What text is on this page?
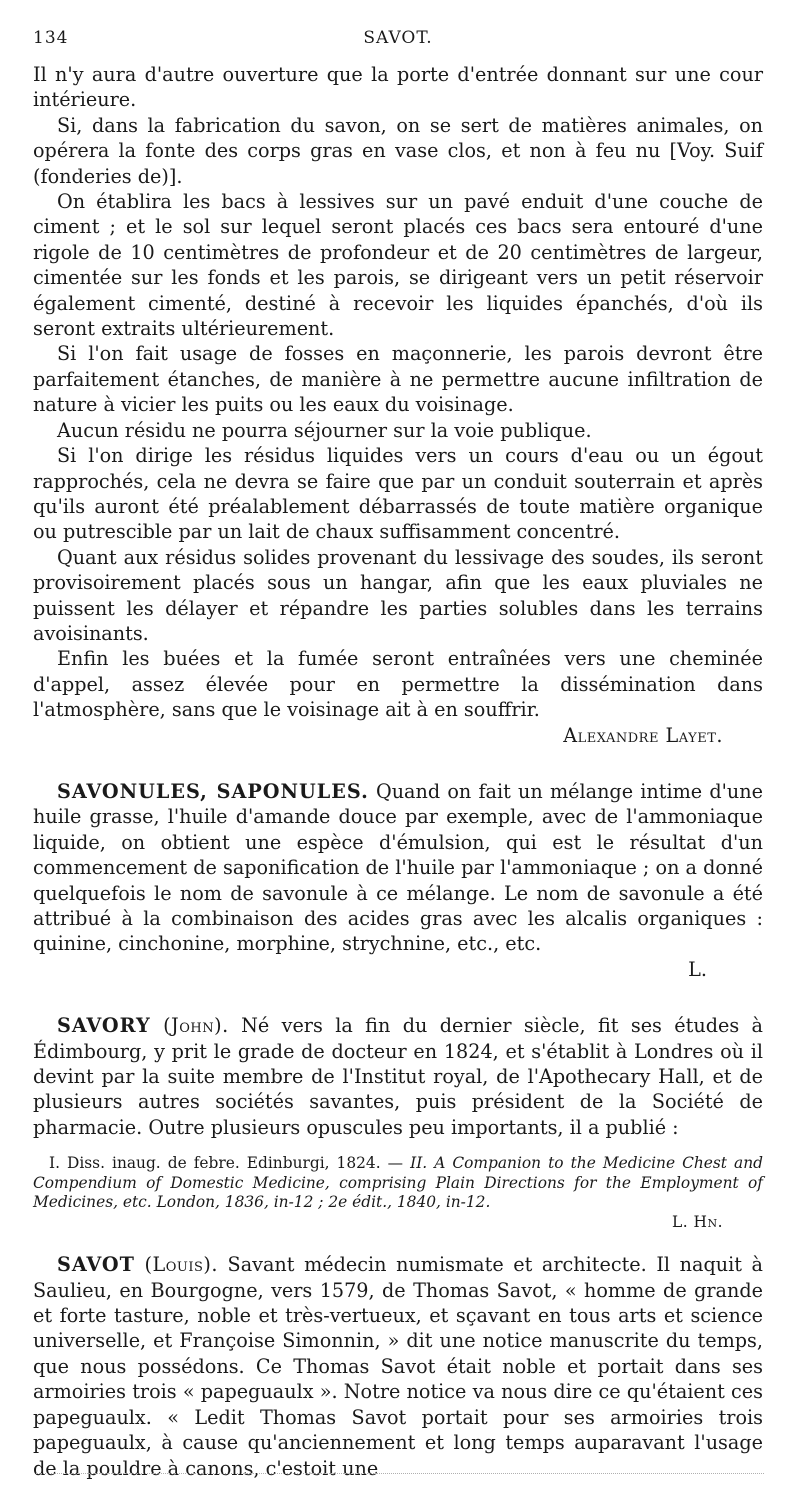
134	SAVOT.

Il n'y aura d'autre ouverture que la porte d'entrée donnant sur une cour intérieure.

Si, dans la fabrication du savon, on se sert de matières animales, on opérera la fonte des corps gras en vase clos, et non à feu nu [Voy. Suif (fonderies de)].

On établira les bacs à lessives sur un pavé enduit d'une couche de ciment ; et le sol sur lequel seront placés ces bacs sera entouré d'une rigole de 10 centimètres de profondeur et de 20 centimètres de largeur, cimentée sur les fonds et les parois, se dirigeant vers un petit réservoir également cimenté, destiné à recevoir les liquides épanchés, d'où ils seront extraits ultérieurement.

Si l'on fait usage de fosses en maçonnerie, les parois devront être parfaitement étanches, de manière à ne permettre aucune infiltration de nature à vicier les puits ou les eaux du voisinage.

Aucun résidu ne pourra séjourner sur la voie publique.

Si l'on dirige les résidus liquides vers un cours d'eau ou un égout rapprochés, cela ne devra se faire que par un conduit souterrain et après qu'ils auront été préalablement débarrassés de toute matière organique ou putrescible par un lait de chaux suffisamment concentré.

Quant aux résidus solides provenant du lessivage des soudes, ils seront provisoirement placés sous un hangar, afin que les eaux pluviales ne puissent les délayer et répandre les parties solubles dans les terrains avoisinants.

Enfin les buées et la fumée seront entraînées vers une cheminée d'appel, assez élevée pour en permettre la dissémination dans l'atmosphère, sans que le voisinage ait à en souffrir.

Alexandre Layet.

SAVONULES, SAPONULES. Quand on fait un mélange intime d'une huile grasse, l'huile d'amande douce par exemple, avec de l'ammoniaque liquide, on obtient une espèce d'émulsion, qui est le résultat d'un commencement de saponification de l'huile par l'ammoniaque ; on a donné quelquefois le nom de savonule à ce mélange. Le nom de savonule a été attribué à la combinaison des acides gras avec les alcalis organiques : quinine, cinchonine, morphine, strychnine, etc., etc.

L.

SAVORY (John). Né vers la fin du dernier siècle, fit ses études à Édimbourg, y prit le grade de docteur en 1824, et s'établit à Londres où il devint par la suite membre de l'Institut royal, de l'Apothecary Hall, et de plusieurs autres sociétés savantes, puis président de la Société de pharmacie. Outre plusieurs opuscules peu importants, il a publié :

I. Diss. inaug. de febre. Edinburgi, 1824. — II. A Companion to the Medicine Chest and Compendium of Domestic Medicine, comprising Plain Directions for the Employment of Medicines, etc. London, 1836, in-12 ; 2e édit., 1840, in-12.

L. Hn.

SAVOT (Louis). Savant médecin numismate et architecte. Il naquit à Saulieu, en Bourgogne, vers 1579, de Thomas Savot, « homme de grande et forte tasture, noble et très-vertueux, et sçavant en tous arts et science universelle, et Françoise Simonnin, » dit une notice manuscrite du temps, que nous possédons. Ce Thomas Savot était noble et portait dans ses armoiries trois « papeguaulx ». Notre notice va nous dire ce qu'étaient ces papeguaulx. « Ledit Thomas Savot portait pour ses armoiries trois papeguaulx, à cause qu'anciennement et long temps auparavant l'usage de la pouldre à canons, c'estoit une
